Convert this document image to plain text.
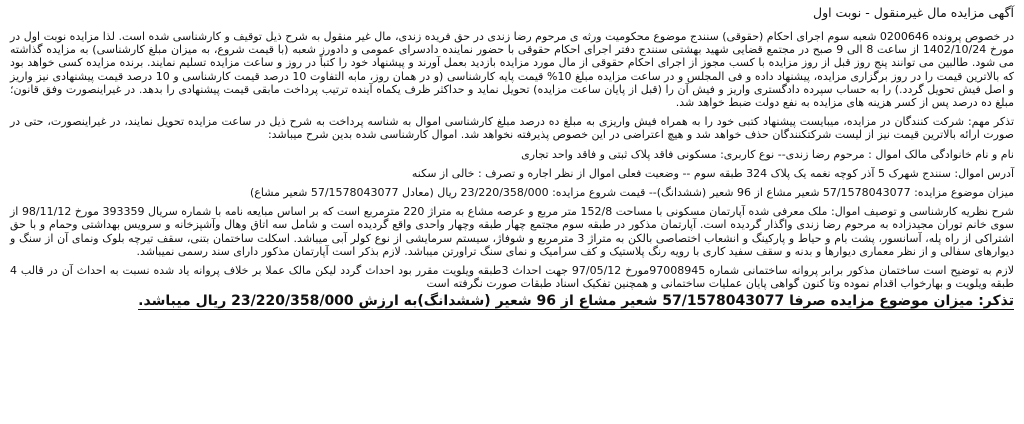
آگهی مزایده مال غیرمنقول - نوبت اول

در خصوص پرونده 0200646 شعبه سوم اجرای احکام (حقوقی) سنندج موضوع محکومیت ورثه ی مرحوم رضا زندی در حق فریده زندی، مال غیر منقول به شرح ذیل توقیف و کارشناسی شده است. لذا مزایده نوبت اول در مورخ 1402/10/24 از ساعت 8 الی 9 صبح در مجتمع قضایی شهید بهشتی سنندج دفتر اجرای احکام حقوقی با حضور نماینده دادسرای عمومی و دادورز شعبه (با قیمت شروع، به میزان مبلغ کارشناسی) به مزایده گذاشته می شود. طالبین می توانند پنج روز قبل از روز مزایده با کسب مجوز از اجرای احکام حقوقی از مال مورد مزایده بازدید بعمل آورند و پیشنهاد خود را کتباً در روز و ساعت مزایده تسلیم نمایند. برنده مزایده کسی خواهد بود که بالاترین قیمت را در روز برگزاری مزایده، پیشنهاد داده و فی المجلس و در ساعت مزایده مبلغ 10% قیمت پایه کارشناسی (و در همان روز، مابه التفاوت 10 درصد قیمت کارشناسی و 10 درصد قیمت پیشنهادی نیز واریز و اصل فیش تحویل گردد.) را به حساب سپرده دادگستری واریز و فیش آن را (قبل از پایان ساعت مزایده) تحویل نماید و حداکثر ظرف یکماه آینده ترتیب پرداخت مابقی قیمت پیشنهادی را بدهد. در غیراینصورت وفق قانون؛ مبلغ ده درصد پس از کسر هزینه های مزایده به نفع دولت ضبط خواهد شد.

تذکر مهم: شرکت کنندگان در مزایده، میبایست پیشنهاد کتبی خود را به همراه فیش واریزی به مبلغ ده درصد مبلغ کارشناسی اموال به شناسه پرداخت به شرح ذیل در ساعت مزایده تحویل نمایند، در غیراینصورت، حتی در صورت ارائه بالاترین قیمت نیز از لیست شرکتکنندگان حذف خواهد شد و هیچ اعتراضی در این خصوص پذیرفته نخواهد شد. اموال کارشناسی شده بدین شرح میباشد:

نام و نام خانوادگی مالک اموال : مرحوم رضا زندی-- نوع کاربری: مسکونی فاقد پلاک ثبتی و فاقد واحد تجاری
آدرس اموال: سنندج شهرک 5 آذر کوچه نغمه یک پلاک 324 طبقه سوم -- وضعیت فعلی اموال از نظر اجاره و تصرف : خالی از سکنه
میزان موضوع مزایده: 57/1578043077 شعیر مشاع از 96 شعیر (ششدانگ)-- قیمت شروع مزایده: 23/220/358/000 ریال (معادل 57/1578043077 شعیر مشاع)

شرح نظریه کارشناسی و توصیف اموال: ملک معرفی شده آپارتمان مسکونی با مساحت 152/8 متر مربع و عرصه مشاع به متراژ 220 مترمربع است که بر اساس مبایعه نامه با شماره سریال 393359 مورخ 98/11/12 از سوی خانم توران مجیدزاده به مرحوم رضا زندی واگذار گردیده است. آپارتمان مذکور در طبقه سوم مجتمع چهار طبقه وچهار واحدی واقع گردیده است و شامل سه اتاق وهال وآشپزخانه و سرویس بهداشتی وحمام و با حق اشتراکی از راه پله، آسانسور، پشت بام و حیاط و پارکینگ و انشعاب اختصاصی بالکن به متراژ 3 مترمربع و شوفاژ، سیستم سرمایشی از نوع کولر آبی میباشد. اسکلت ساختمان بتنی، سقف تیرچه بلوک ونمای آن از سنگ و دیوارهای سفالی و از نظر معماری دیوارها و بدنه و سقف سفید کاری با رویه رنگ پلاستیک و کف سرامیک و نمای سنگ تراورتن میباشد. لازم بذکر است آپارتمان مذکور دارای سند رسمی نمیباشد.

لازم به توضیح است ساختمان مذکور برابر پروانه ساختمانی شماره 97008945مورخ 97/05/12 جهت احداث 3طبقه ویلویت مقرر بود احداث گردد لیکن مالک عملا بر خلاف پروانه یاد شده نسبت به احداث آن در قالب 4 طبقه ویلویت و بهارخواب اقدام نموده وتا کنون گواهی پایان عملیات ساختمانی و همچنین تفکیک اسناد طبقات صورت نگرفته است

تذکر: میزان موضوع مزایده صرفا 57/1578043077 شعیر مشاع از 96 شعیر (ششدانگ)به ارزش 23/220/358/000 ریال میباشد.
